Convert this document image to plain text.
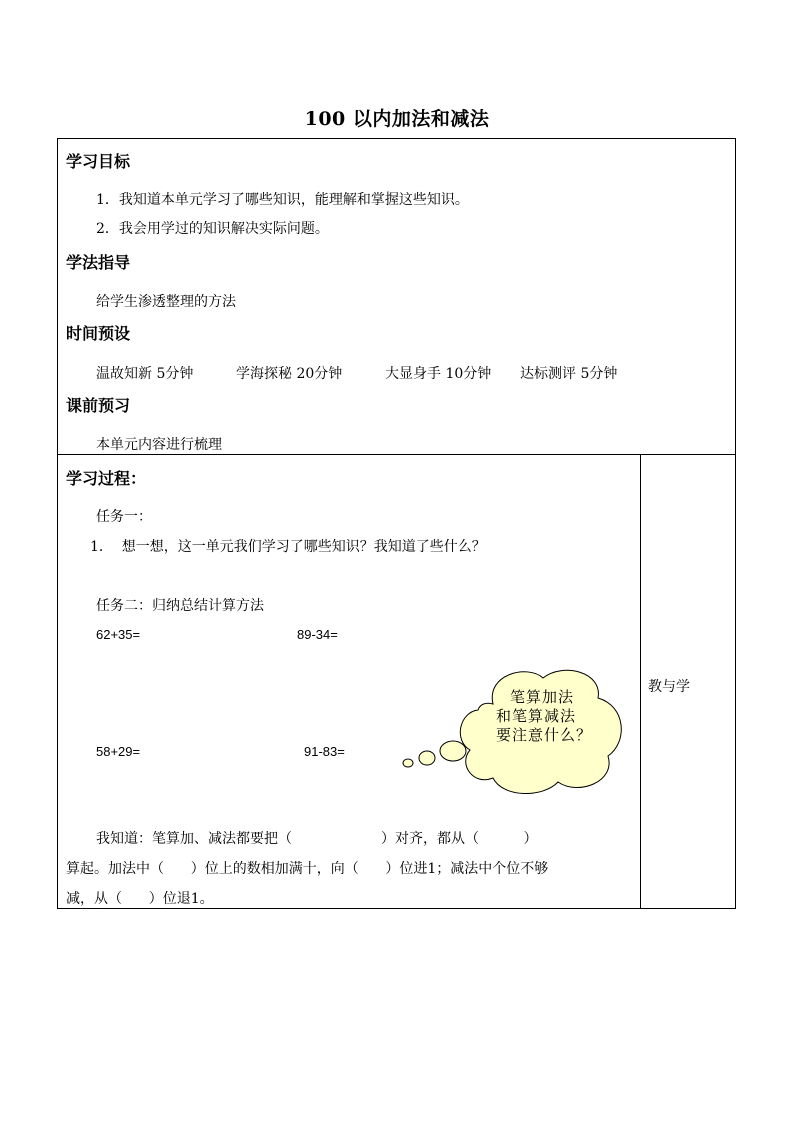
100 以内加法和减法
学习目标
1．我知道本单元学习了哪些知识，能理解和掌握这些知识。
2．我会用学过的知识解决实际问题。
学法指导
给学生渗透整理的方法
时间预设
温故知新 5分钟	学海探秘 20分钟	大显身手 10分钟 达标测评 5分钟
课前预习
本单元内容进行梳理
学习过程：
任务一：
1．  想一想，这一单元我们学习了哪些知识？我知道了些什么？
任务二：归纳总结计算方法
62+35=	89-34=
58+29=	91-83=
笔算加法
和笔算减法
要注意什么？
我知道：笔算加、减法都要把（                    ）对齐，都从（          ）
算起。加法中（      ）位上的数相加满十，向（      ）位进1；减法中个位不够
减，从（      ）位退1。
教与学
